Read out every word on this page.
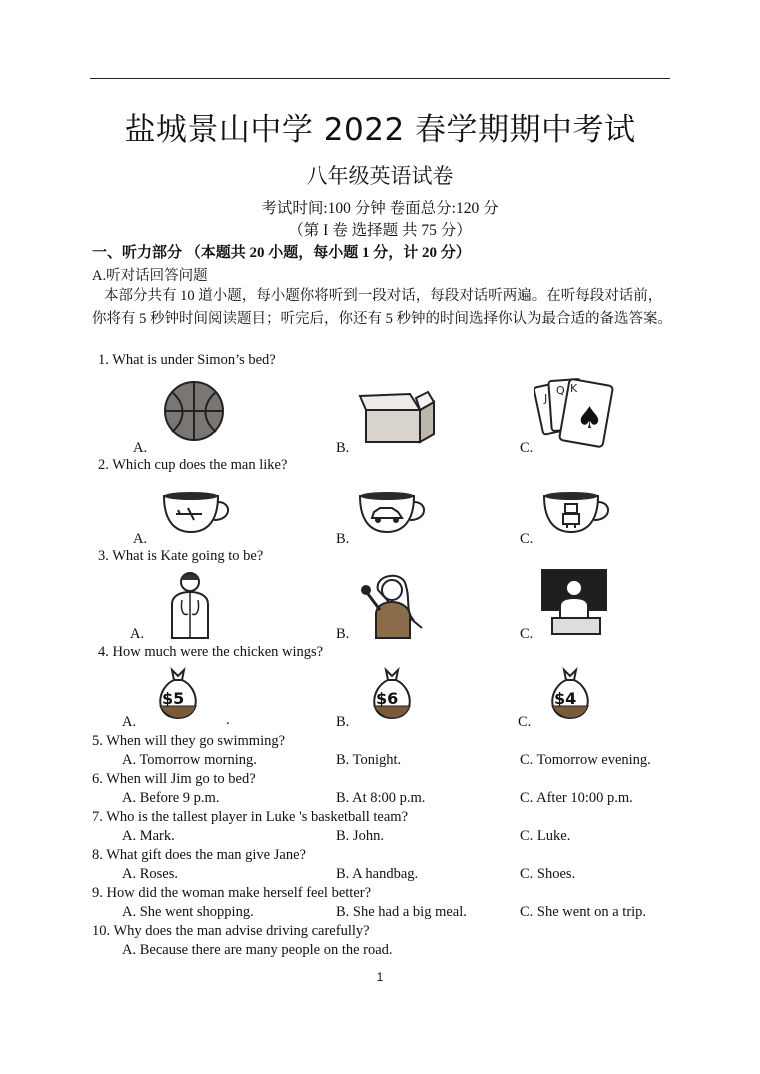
盐城景山中学 2022 春学期期中考试
八年级英语试卷
考试时间:100 分钟 卷面总分:120 分
（第 I 卷 选择题 共 75 分）
一、听力部分 （本题共 20 小题，每小题 1 分，计 20 分）
A.听对话回答问题
本部分共有 10 道小题，每小题你将听到一段对话，每段对话听两遍。在听每段对话前，你将有 5 秒钟时间阅读题目；听完后，你还有 5 秒钟的时间选择你认为最合适的备选答案。
1. What is under Simon’s bed?
A.	B.
J
Q K
♠
C.
2. Which cup does the man like?
A.	B.	C.
3. What is Kate going to be?
A.	B.	C.
4. How much were the chicken wings?
$5
A.	.
$6
B.
$4
C.
5. When will they go swimming?
A. Tomorrow morning.	B. Tonight.	C. Tomorrow evening.
6. When will Jim go to bed?
A. Before 9 p.m.	B. At 8:00 p.m.	C. After 10:00 p.m.
7. Who is the tallest player in Luke 's basketball team?
A. Mark.	B. John.	C. Luke.
8. What gift does the man give Jane?
A. Roses.	B. A handbag.	C. Shoes.
9. How did the woman make herself feel better?
A. She went shopping.	B. She had a big meal.	C. She went on a trip.
10. Why does the man advise driving carefully?
A. Because there are many people on the road.
1
